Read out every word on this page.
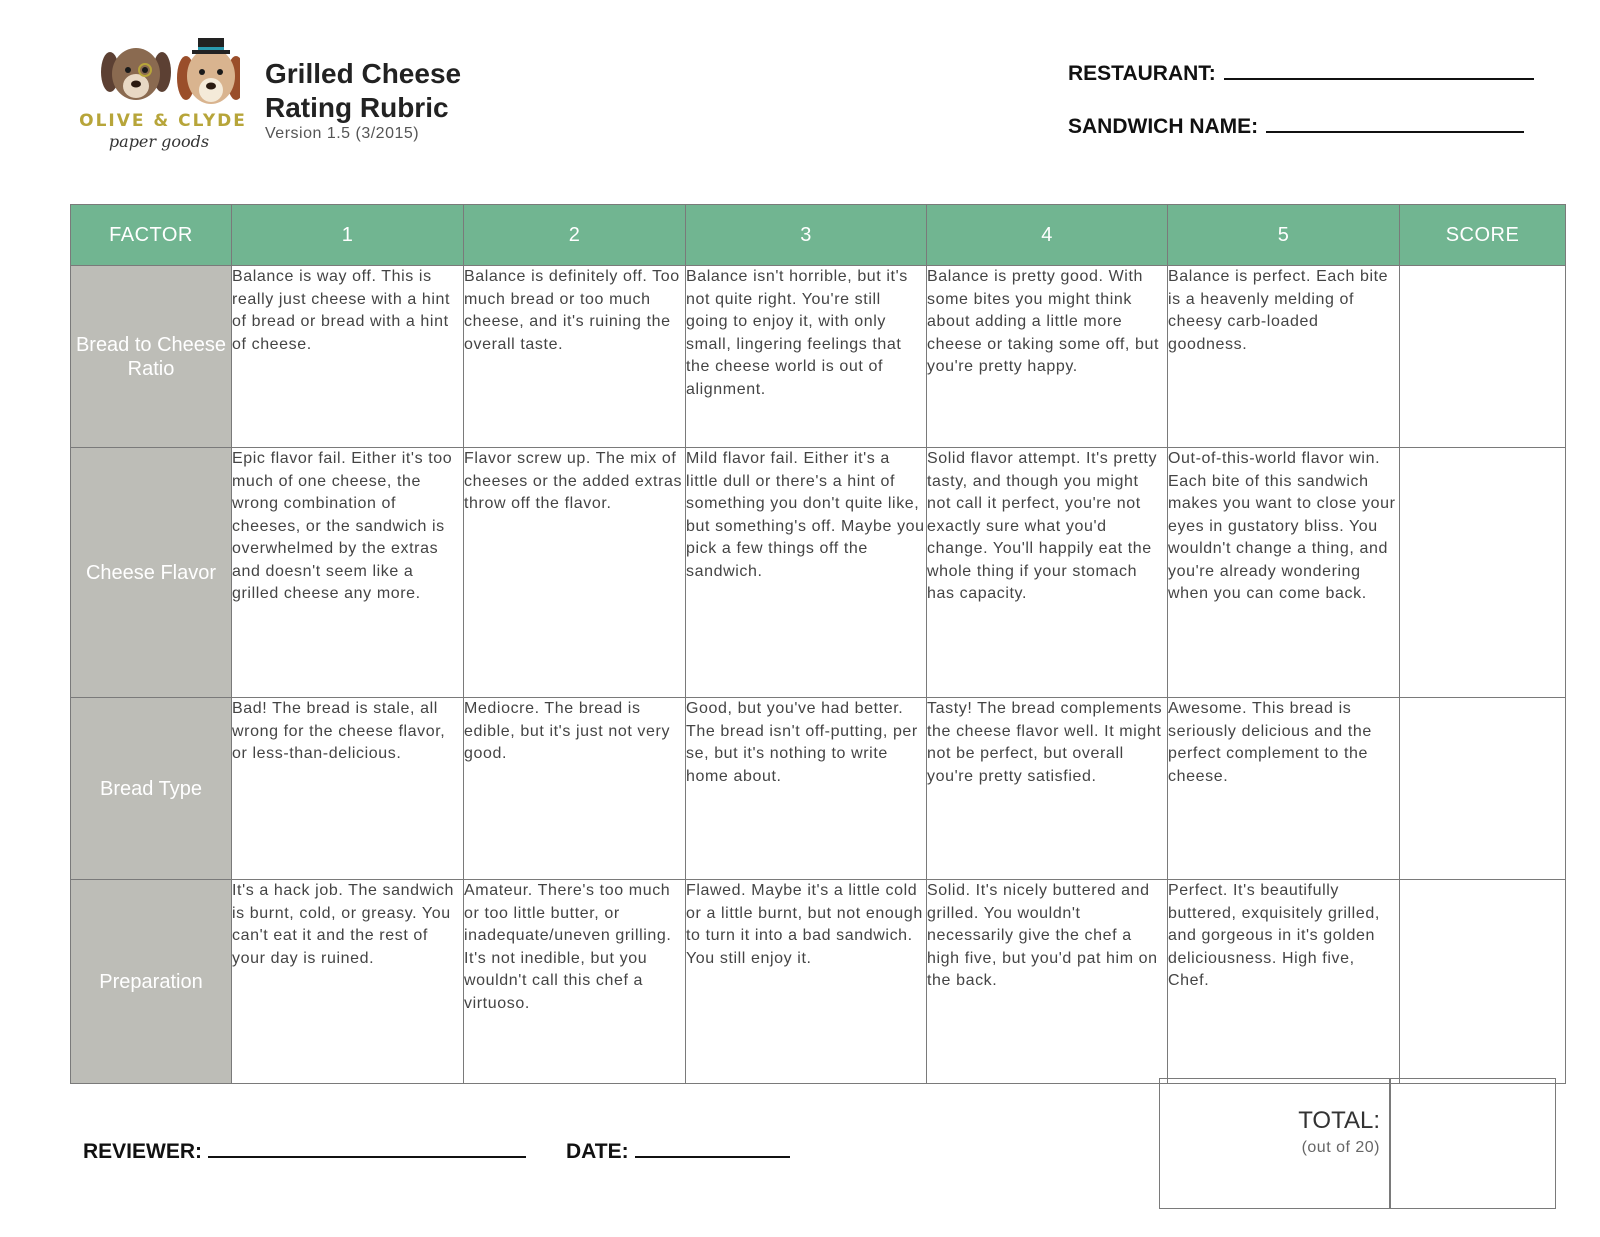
OLIVE & CLYDE
paper goods
Grilled Cheese
Rating Rubric
Version 1.5 (3/2015)
RESTAURANT:
SANDWICH NAME:
FACTOR	1	2	3	4	5	SCORE
Bread to Cheese Ratio	Balance is way off. This is really just cheese with a hint of bread or bread with a hint of cheese.	Balance is definitely off. Too much bread or too much cheese, and it's ruining the overall taste.	Balance isn't horrible, but it's not quite right. You're still going to enjoy it, with only small, lingering feelings that the cheese world is out of alignment.	Balance is pretty good. With some bites you might think about adding a little more cheese or taking some off, but you're pretty happy.	Balance is perfect. Each bite is a heavenly melding of cheesy carb-loaded goodness.	
Cheese Flavor	Epic flavor fail. Either it's too much of one cheese, the wrong combination of cheeses, or the sandwich is overwhelmed by the extras and doesn't seem like a grilled cheese any more.	Flavor screw up. The mix of cheeses or the added extras throw off the flavor.	Mild flavor fail. Either it's a little dull or there's a hint of something you don't quite like, but something's off. Maybe you pick a few things off the sandwich.	Solid flavor attempt. It's pretty tasty, and though you might not call it perfect, you're not exactly sure what you'd change. You'll happily eat the whole thing if your stomach has capacity.	Out-of-this-world flavor win. Each bite of this sandwich makes you want to close your eyes in gustatory bliss. You wouldn't change a thing, and you're already wondering when you can come back.	
Bread Type	Bad! The bread is stale, all wrong for the cheese flavor, or less-than-delicious.	Mediocre. The bread is edible, but it's just not very good.	Good, but you've had better. The bread isn't off-putting, per se, but it's nothing to write home about.	Tasty! The bread complements the cheese flavor well. It might not be perfect, but overall you're pretty satisfied.	Awesome. This bread is seriously delicious and the perfect complement to the cheese.	
Preparation	It's a hack job. The sandwich is burnt, cold, or greasy. You can't eat it and the rest of your day is ruined.	Amateur. There's too much or too little butter, or inadequate/uneven grilling. It's not inedible, but you wouldn't call this chef a virtuoso.	Flawed. Maybe it's a little cold or a little burnt, but not enough to turn it into a bad sandwich. You still enjoy it.	Solid. It's nicely buttered and grilled. You wouldn't necessarily give the chef a high five, but you'd pat him on the back.	Perfect. It's beautifully buttered, exquisitely grilled, and gorgeous in it's golden deliciousness. High five, Chef.	
REVIEWER:	DATE:
TOTAL:
(out of 20)
